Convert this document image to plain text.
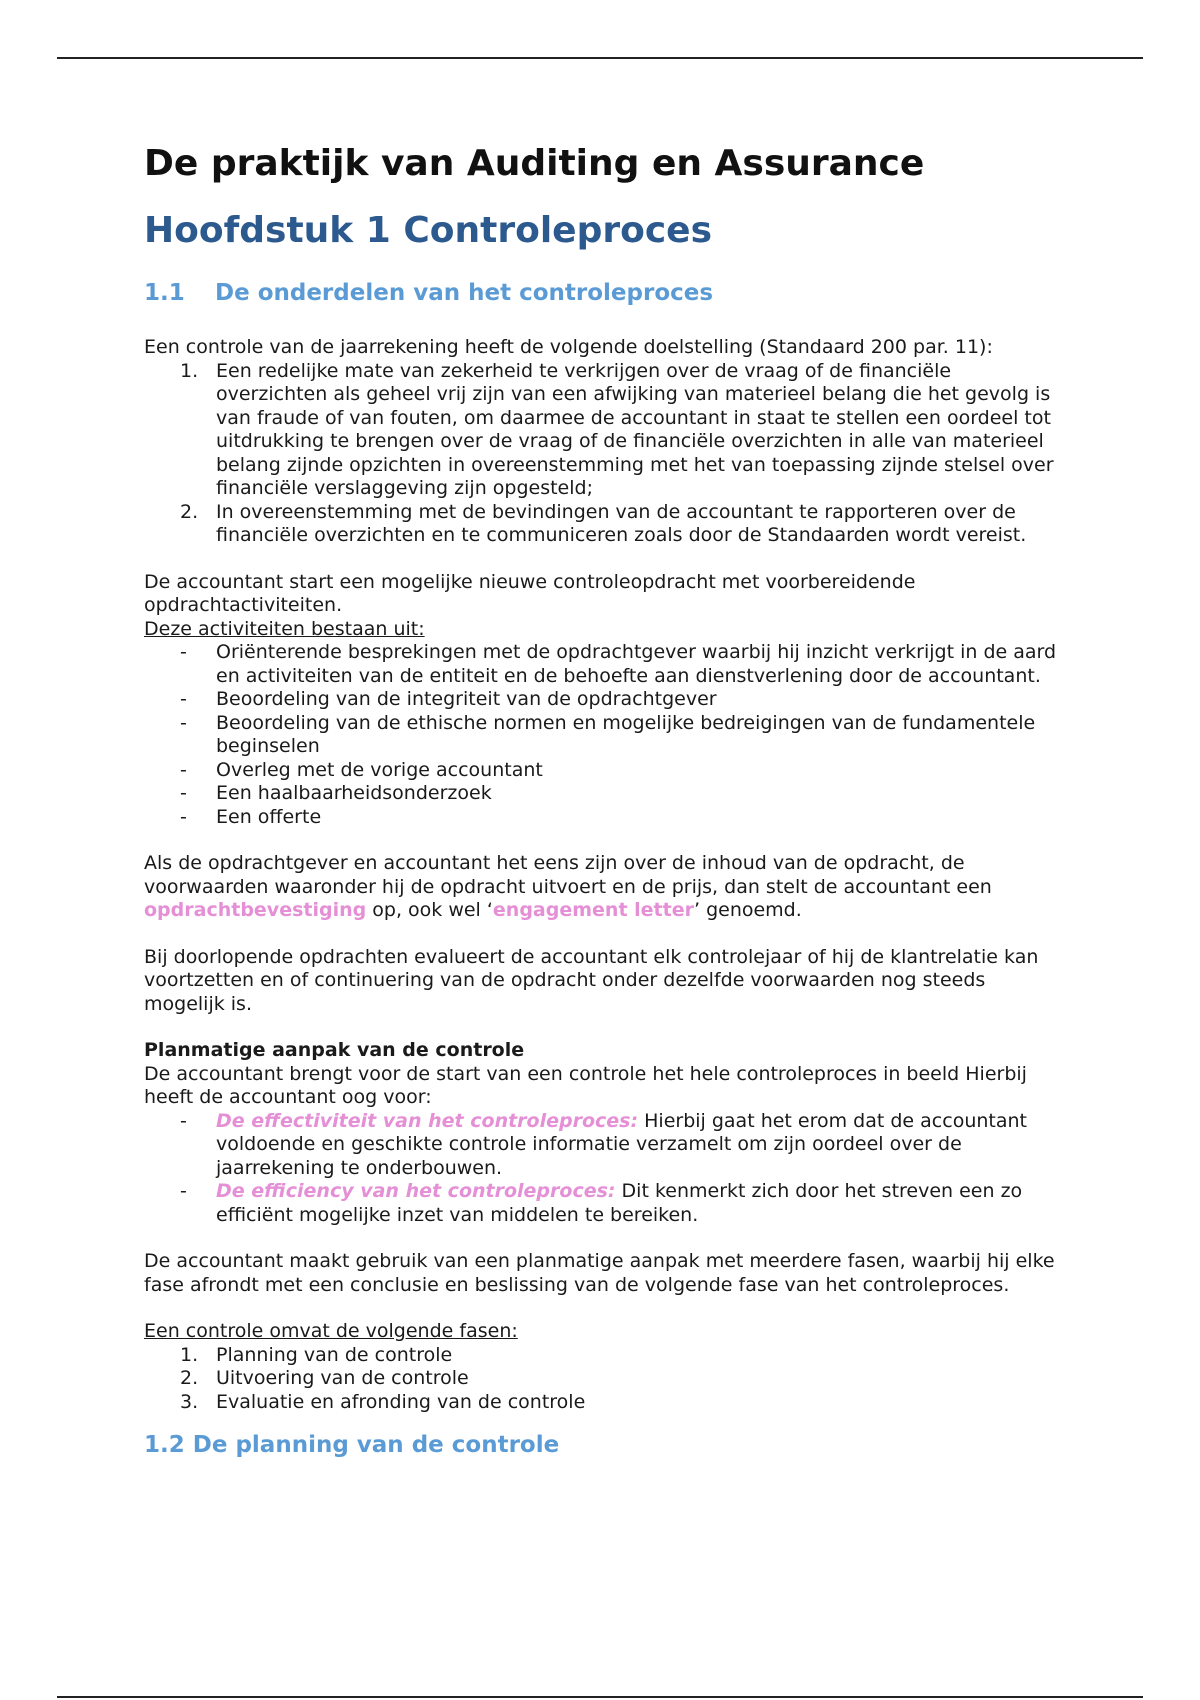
De praktijk van Auditing en Assurance
Hoofdstuk 1 Controleproces
1.1 De onderdelen van het controleproces

Een controle van de jaarrekening heeft de volgende doelstelling (Standaard 200 par. 11):

1. Een redelijke mate van zekerheid te verkrijgen over de vraag of de financiële overzichten als geheel vrij zijn van een afwijking van materieel belang die het gevolg is van fraude of van fouten, om daarmee de accountant in staat te stellen een oordeel tot uitdrukking te brengen over de vraag of de financiële overzichten in alle van materieel belang zijnde opzichten in overeenstemming met het van toepassing zijnde stelsel over financiële verslaggeving zijn opgesteld;
2. In overeenstemming met de bevindingen van de accountant te rapporteren over de financiële overzichten en te communiceren zoals door de Standaarden wordt vereist.

De accountant start een mogelijke nieuwe controleopdracht met voorbereidende opdrachtactiviteiten.

Deze activiteiten bestaan uit:

- Oriënterende besprekingen met de opdrachtgever waarbij hij inzicht verkrijgt in de aard en activiteiten van de entiteit en de behoefte aan dienstverlening door de accountant.
- Beoordeling van de integriteit van de opdrachtgever
- Beoordeling van de ethische normen en mogelijke bedreigingen van de fundamentele beginselen
- Overleg met de vorige accountant
- Een haalbaarheidsonderzoek
- Een offerte

Als de opdrachtgever en accountant het eens zijn over de inhoud van de opdracht, de voorwaarden waaronder hij de opdracht uitvoert en de prijs, dan stelt de accountant een opdrachtbevestiging op, ook wel ‘engagement letter’ genoemd.

Bij doorlopende opdrachten evalueert de accountant elk controlejaar of hij de klantrelatie kan voortzetten en of continuering van de opdracht onder dezelfde voorwaarden nog steeds mogelijk is.

Planmatige aanpak van de controle

De accountant brengt voor de start van een controle het hele controleproces in beeld Hierbij heeft de accountant oog voor:

- De effectiviteit van het controleproces: Hierbij gaat het erom dat de accountant voldoende en geschikte controle informatie verzamelt om zijn oordeel over de jaarrekening te onderbouwen.
- De efficiency van het controleproces: Dit kenmerkt zich door het streven een zo efficiënt mogelijke inzet van middelen te bereiken.

De accountant maakt gebruik van een planmatige aanpak met meerdere fasen, waarbij hij elke fase afrondt met een conclusie en beslissing van de volgende fase van het controleproces.

Een controle omvat de volgende fasen:

1. Planning van de controle
2. Uitvoering van de controle
3. Evaluatie en afronding van de controle
1.2 De planning van de controle
